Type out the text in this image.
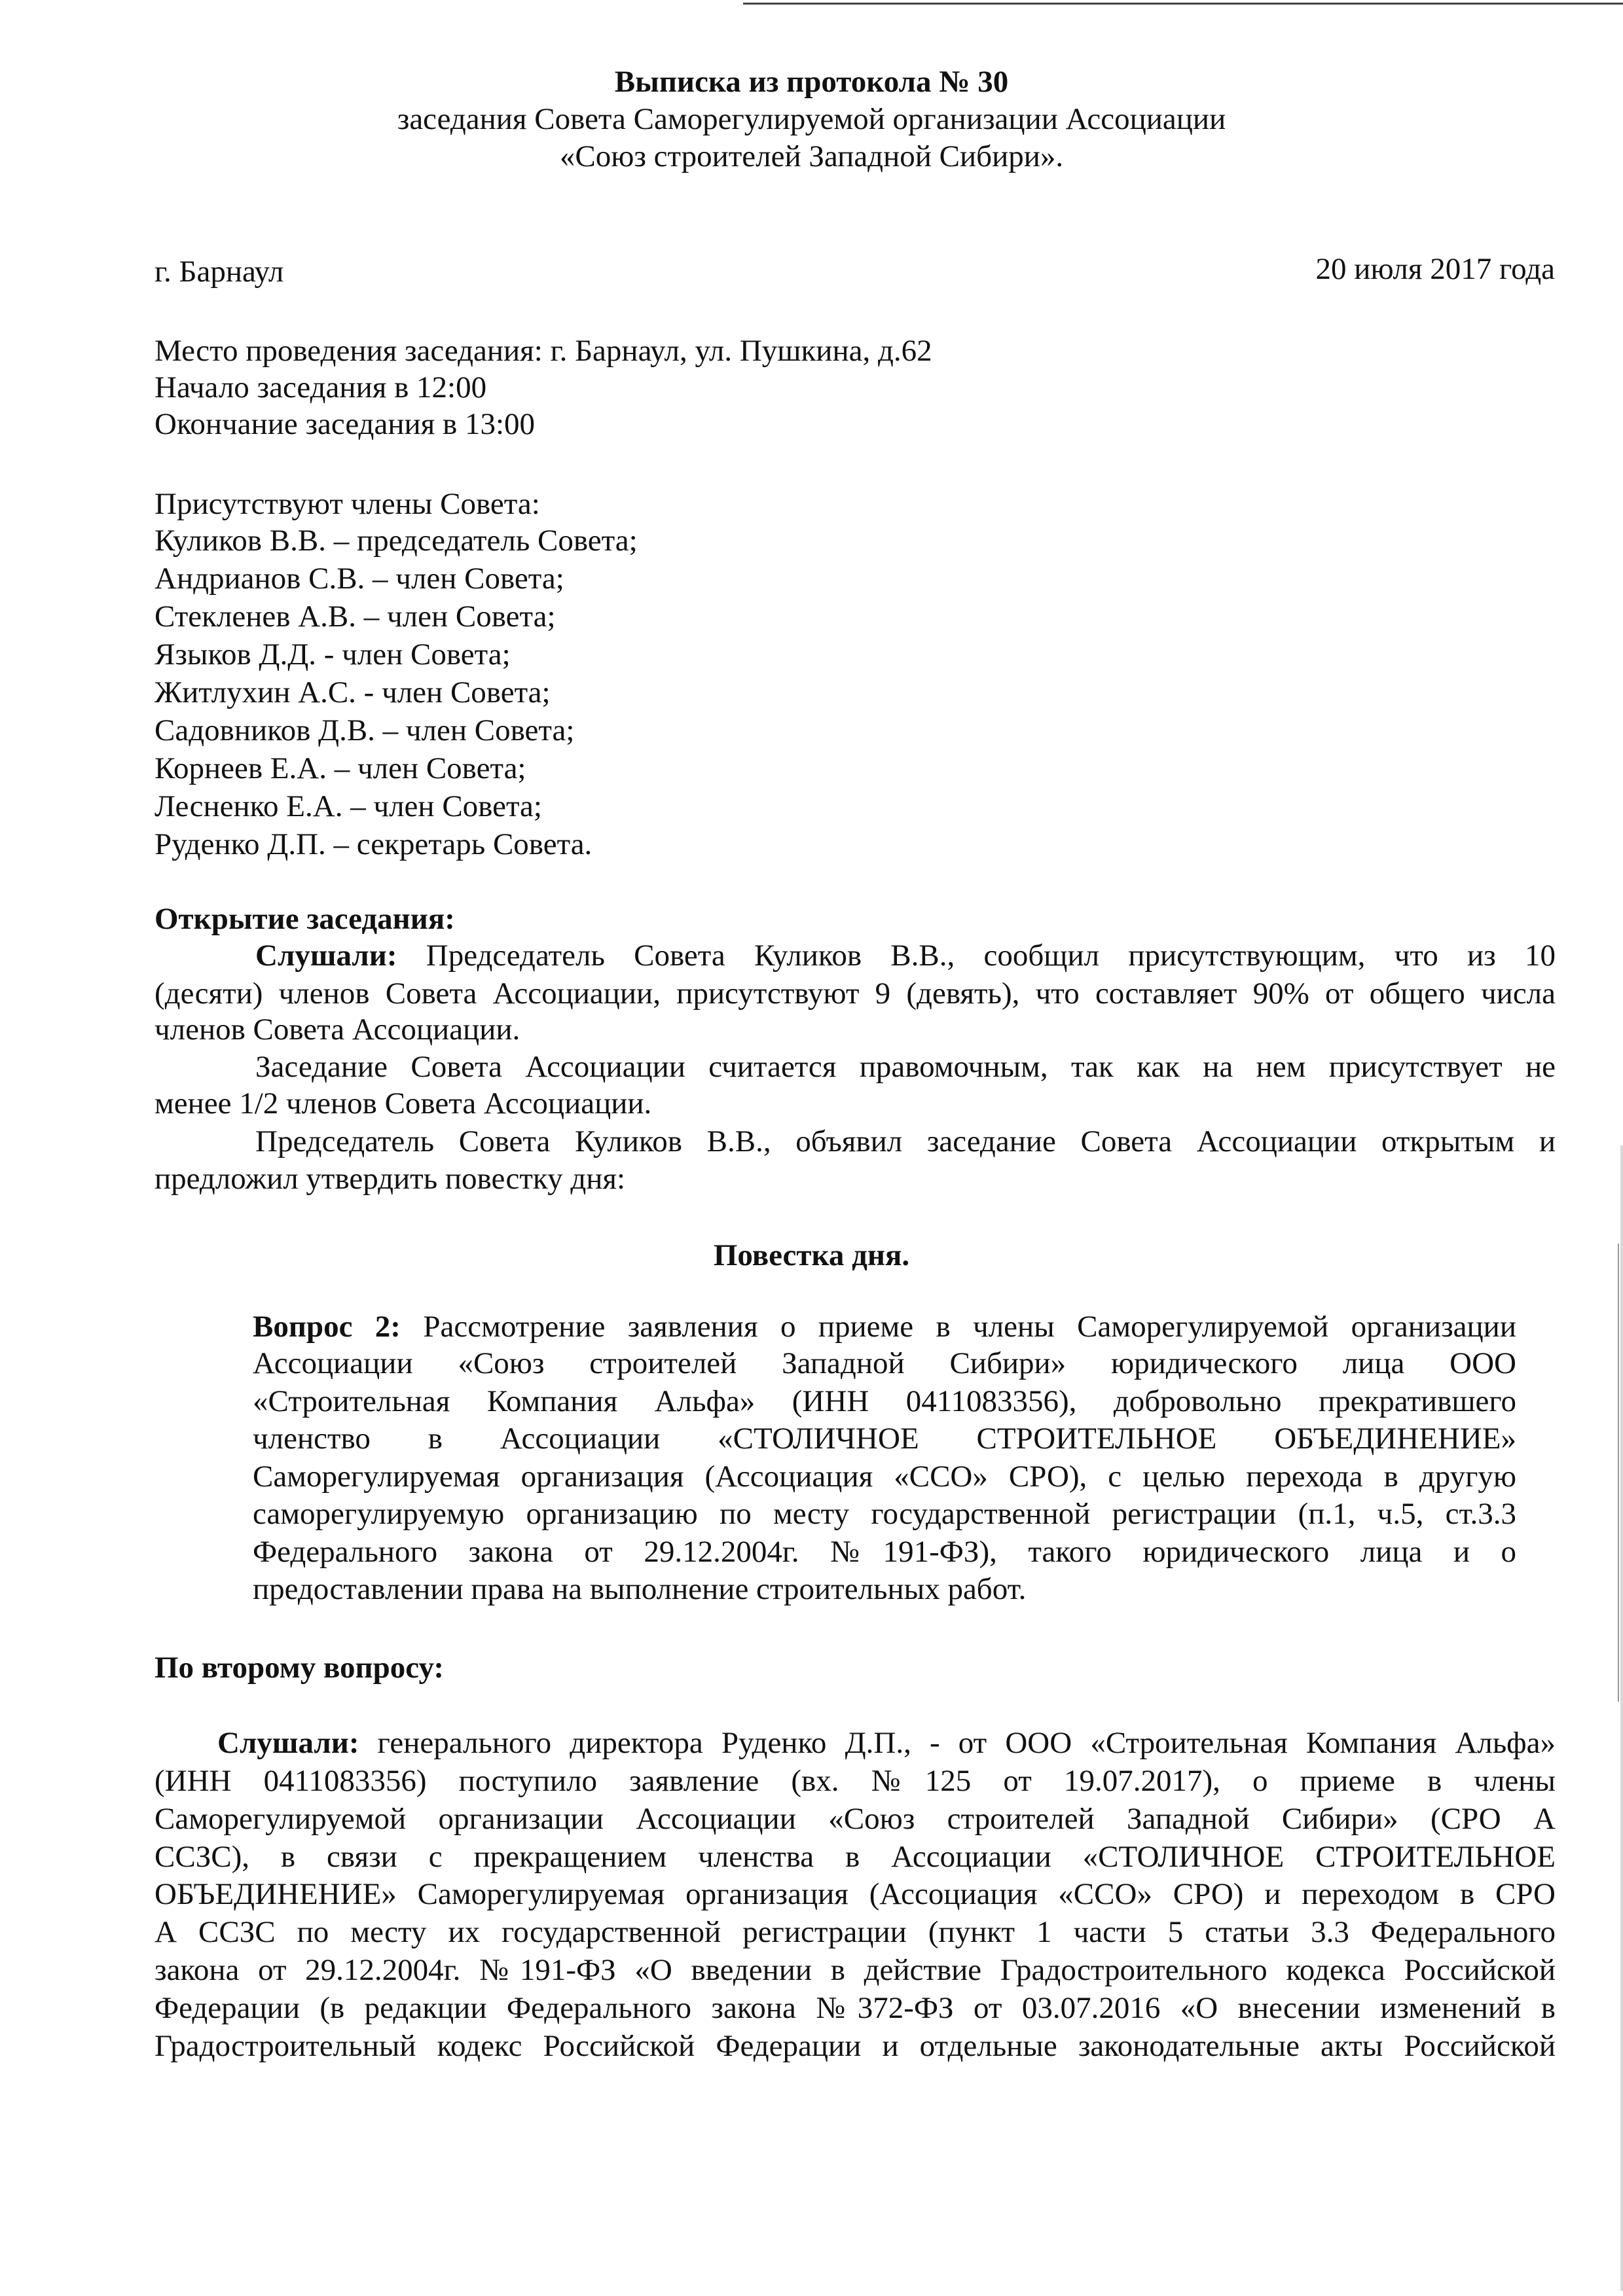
Выписка из протокола № 30
заседания Совета Саморегулируемой организации Ассоциации
«Союз строителей Западной Сибири».
г. Барнаул	20 июля 2017 года
Место проведения заседания: г. Барнаул, ул. Пушкина, д.62
Начало заседания в 12:00
Окончание заседания в 13:00
Присутствуют члены Совета:
Куликов В.В. – председатель Совета;
Андрианов С.В. – член Совета;
Стекленев А.В. – член Совета;
Языков Д.Д. - член Совета;
Житлухин А.С. - член Совета;
Садовников Д.В. – член Совета;
Корнеев Е.А. – член Совета;
Лесненко Е.А. – член Совета;
Руденко Д.П. – секретарь Совета.
Открытие заседания:
Слушали: Председатель Совета Куликов В.В., сообщил присутствующим, что из 10
(десяти) членов Совета Ассоциации, присутствуют 9 (девять), что составляет 90% от общего числа
членов Совета Ассоциации.
Заседание Совета Ассоциации считается правомочным, так как на нем присутствует не
менее 1/2 членов Совета Ассоциации.
Председатель Совета Куликов В.В., объявил заседание Совета Ассоциации открытым и
предложил утвердить повестку дня:
Повестка дня.
Вопрос 2: Рассмотрение заявления о приеме в члены Саморегулируемой организации
Ассоциации «Союз строителей Западной Сибири» юридического лица ООО
«Строительная Компания Альфа» (ИНН 0411083356), добровольно прекратившего
членство в Ассоциации «СТОЛИЧНОЕ СТРОИТЕЛЬНОЕ ОБЪЕДИНЕНИЕ»
Саморегулируемая организация (Ассоциация «ССО» СРО), с целью перехода в другую
саморегулируемую организацию по месту государственной регистрации (п.1, ч.5, ст.3.3
Федерального закона от 29.12.2004г. №191-ФЗ), такого юридического лица и о
предоставлении права на выполнение строительных работ.
По второму вопросу:
Слушали: генерального директора Руденко Д.П., - от ООО «Строительная Компания Альфа»
(ИНН 0411083356) поступило заявление (вх. №125 от 19.07.2017), о приеме в члены
Саморегулируемой организации Ассоциации «Союз строителей Западной Сибири» (СРО А
ССЗС), в связи с прекращением членства в Ассоциации «СТОЛИЧНОЕ СТРОИТЕЛЬНОЕ
ОБЪЕДИНЕНИЕ» Саморегулируемая организация (Ассоциация «ССО» СРО) и переходом в СРО
А ССЗС по месту их государственной регистрации (пункт 1 части 5 статьи 3.3 Федерального
закона от 29.12.2004г. №191-ФЗ «О введении в действие Градостроительного кодекса Российской
Федерации (в редакции Федерального закона №372-ФЗ от 03.07.2016 «О внесении изменений в
Градостроительный кодекс Российской Федерации и отдельные законодательные акты Российской
